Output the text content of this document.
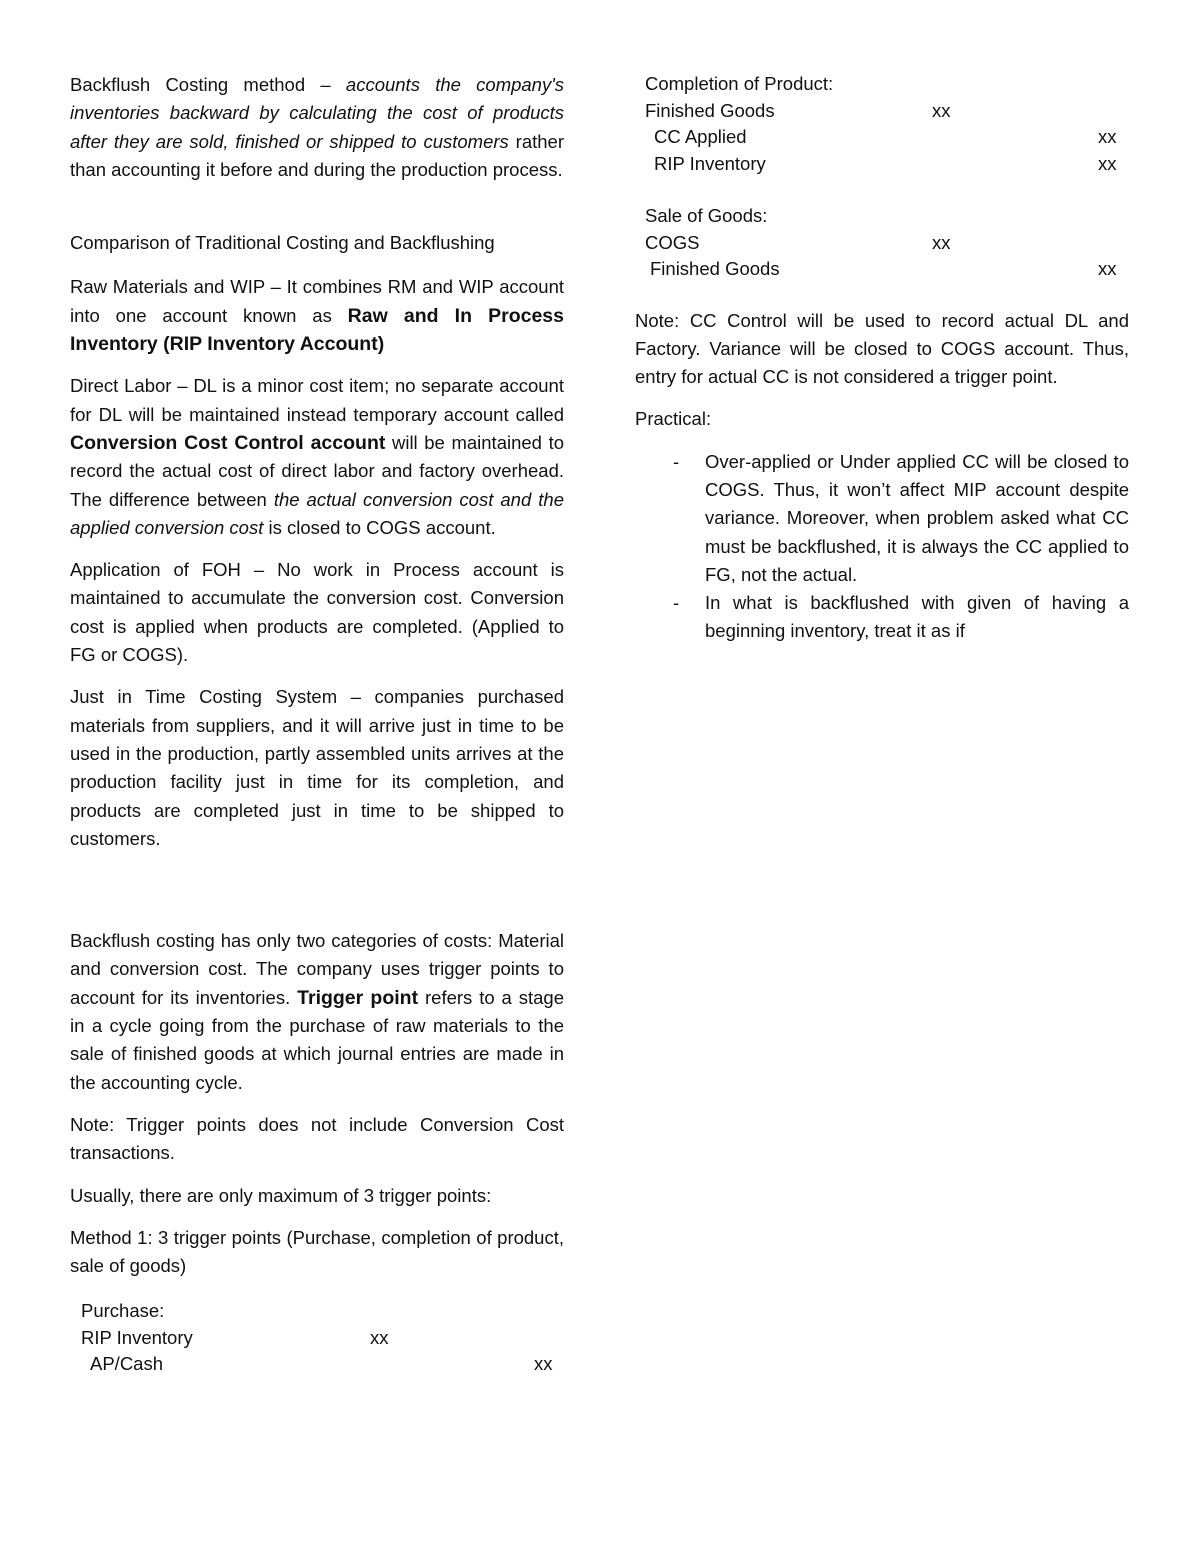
Backflush Costing method – accounts the company's inventories backward by calculating the cost of products after they are sold, finished or shipped to customers rather than accounting it before and during the production process.

Comparison of Traditional Costing and Backflushing

Raw Materials and WIP – It combines RM and WIP account into one account known as Raw and In Process Inventory (RIP Inventory Account)

Direct Labor – DL is a minor cost item; no separate account for DL will be maintained instead temporary account called Conversion Cost Control account will be maintained to record the actual cost of direct labor and factory overhead. The difference between the actual conversion cost and the applied conversion cost is closed to COGS account.

Application of FOH – No work in Process account is maintained to accumulate the conversion cost. Conversion cost is applied when products are completed. (Applied to FG or COGS).

Just in Time Costing System – companies purchased materials from suppliers, and it will arrive just in time to be used in the production, partly assembled units arrives at the production facility just in time for its completion, and products are completed just in time to be shipped to customers.

Backflush costing has only two categories of costs: Material and conversion cost. The company uses trigger points to account for its inventories. Trigger point refers to a stage in a cycle going from the purchase of raw materials to the sale of finished goods at which journal entries are made in the accounting cycle.

Note: Trigger points does not include Conversion Cost transactions.

Usually, there are only maximum of 3 trigger points:

Method 1: 3 trigger points (Purchase, completion of product, sale of goods)

Purchase:
RIP Inventory	xx
AP/Cash	xx
Completion of Product:
Finished Goods	xx
CC Applied	xx
RIP Inventory	xx
Sale of Goods:
COGS	xx
Finished Goods	xx

Note: CC Control will be used to record actual DL and Factory. Variance will be closed to COGS account. Thus, entry for actual CC is not considered a trigger point.

Practical:

- Over-applied or Under applied CC will be closed to COGS. Thus, it won’t affect MIP account despite variance. Moreover, when problem asked what CC must be backflushed, it is always the CC applied to FG, not the actual.
- In what is backflushed with given of having a beginning inventory, treat it as if
